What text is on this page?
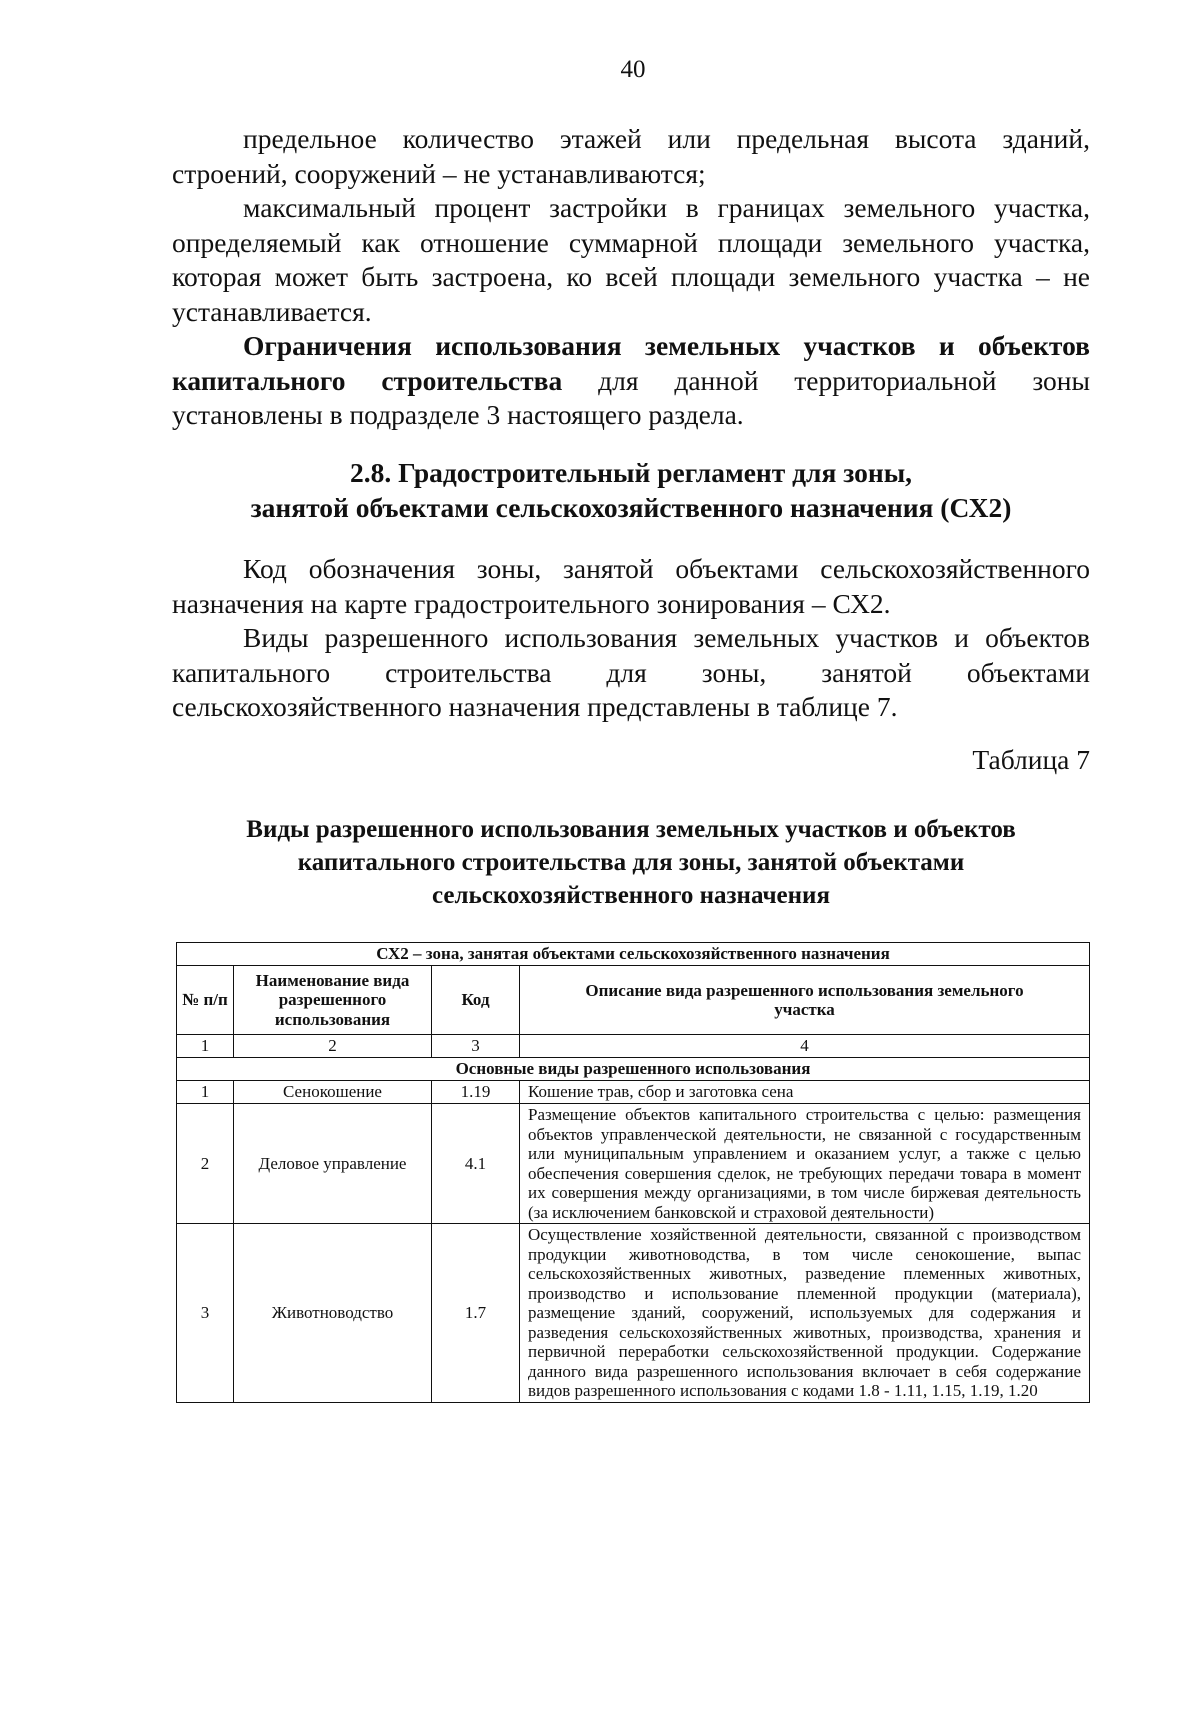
40

предельное количество этажей или предельная высота зданий, строений, сооружений – не устанавливаются;

максимальный процент застройки в границах земельного участка, определяемый как отношение суммарной площади земельного участка, которая может быть застроена, ко всей площади земельного участка – не устанавливается.

Ограничения использования земельных участков и объектов капитального строительства для данной территориальной зоны установлены в подразделе 3 настоящего раздела.

2.8. Градостроительный регламент для зоны,
занятой объектами сельскохозяйственного назначения (СХ2)

Код обозначения зоны, занятой объектами сельскохозяйственного назначения на карте градостроительного зонирования – СХ2.

Виды разрешенного использования земельных участков и объектов капитального строительства для зоны, занятой объектами сельскохозяйственного назначения представлены в таблице 7.

Таблица 7
Виды разрешенного использования земельных участков и объектов
капитального строительства для зоны, занятой объектами
сельскохозяйственного назначения
СХ2 – зона, занятая объектами сельскохозяйственного назначения			
№ п/п	Наименование вида разрешенного использования	Код	Описание вида разрешенного использования земельного участка
1	2	3	4
Основные виды разрешенного использования			
1	Сенокошение	1.19	Кошение трав, сбор и заготовка сена
2	Деловое управление	4.1	Размещение объектов капитального строительства с целью: размещения объектов управленческой деятельности, не связанной с государственным или муниципальным управлением и оказанием услуг, а также с целью обеспечения совершения сделок, не требующих передачи товара в момент их совершения между организациями, в том числе биржевая деятельность (за исключением банковской и страховой деятельности)
3	Животноводство	1.7	Осуществление хозяйственной деятельности, связанной с производством продукции животноводства, в том числе сенокошение, выпас сельскохозяйственных животных, разведение племенных животных, производство и использование племенной продукции (материала), размещение зданий, сооружений, используемых для содержания и разведения сельскохозяйственных животных, производства, хранения и первичной переработки сельскохозяйственной продукции. Содержание данного вида разрешенного использования включает в себя содержание видов разрешенного использования с кодами 1.8 - 1.11, 1.15, 1.19, 1.20
